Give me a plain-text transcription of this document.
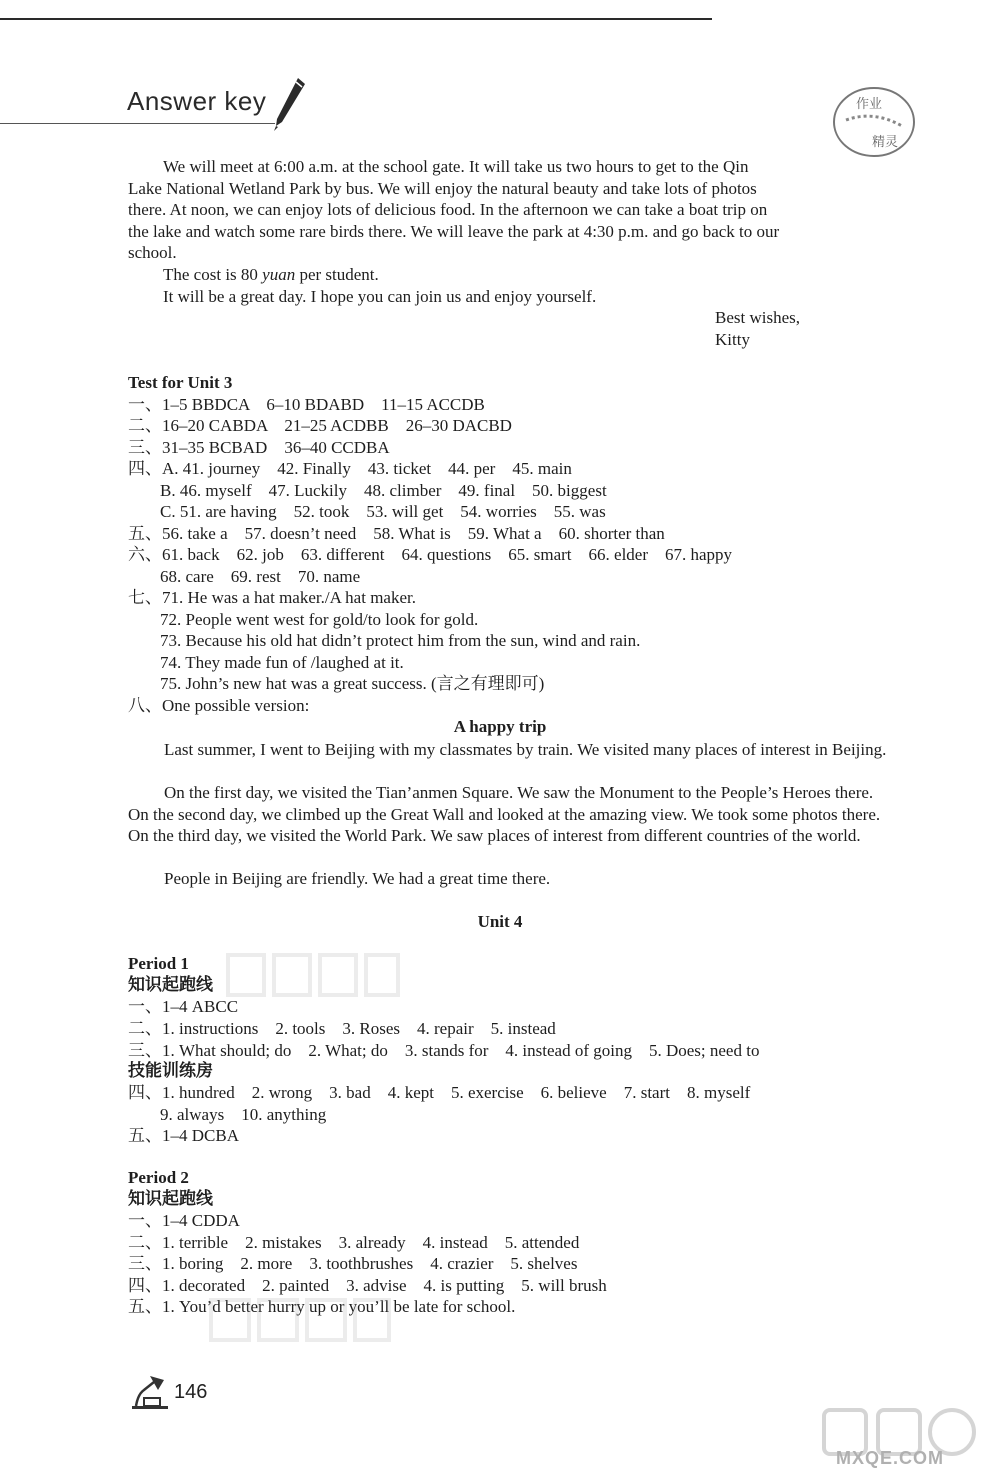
Answer key	作业
精灵
We will meet at 6:00 a.m. at the school gate. It will take us two hours to get to the Qin
Lake National Wetland Park by bus. We will enjoy the natural beauty and take lots of photos
there. At noon, we can enjoy lots of delicious food. In the afternoon we can take a boat trip on
the lake and watch some rare birds there. We will leave the park at 4:30 p.m. and go back to our
school.
The cost is 80 yuan per student.
It will be a great day. I hope you can join us and enjoy yourself.
Best wishes,
Kitty
Test for Unit 3
一、1–5 BBDCA    6–10 BDABD    11–15 ACCDB
二、16–20 CABDA    21–25 ACDBB    26–30 DACBD
三、31–35 BCBAD    36–40 CCDBA
四、A. 41. journey    42. Finally    43. ticket    44. per    45. main
B. 46. myself    47. Luckily    48. climber    49. final    50. biggest
C. 51. are having    52. took    53. will get    54. worries    55. was
五、56. take a    57. doesn’t need    58. What is    59. What a    60. shorter than
六、61. back    62. job    63. different    64. questions    65. smart    66. elder    67. happy
68. care    69. rest    70. name
七、71. He was a hat maker./A hat maker.
72. People went west for gold/to look for gold.
73. Because his old hat didn’t protect him from the sun, wind and rain.
74. They made fun of /laughed at it.
75. John’s new hat was a great success. (言之有理即可)
八、One possible version:
A happy trip
Last summer, I went to Beijing with my classmates by train. We visited many places of interest in Beijing.
On the first day, we visited the Tian’anmen Square. We saw the Monument to the People’s Heroes there. On the second day, we climbed up the Great Wall and looked at the amazing view. We took some photos there. On the third day, we visited the World Park. We saw places of interest from different countries of the world.
People in Beijing are friendly. We had a great time there.
Unit 4
Period 1
知识起跑线
一、1–4 ABCC
二、1. instructions    2. tools    3. Roses    4. repair    5. instead
三、1. What should; do    2. What; do    3. stands for    4. instead of going    5. Does; need to
技能训练房
四、1. hundred    2. wrong    3. bad    4. kept    5. exercise    6. believe    7. start    8. myself
9. always    10. anything
五、1–4 DCBA
Period 2
知识起跑线
一、1–4 CDDA
二、1. terrible    2. mistakes    3. already    4. instead    5. attended
三、1. boring    2. more    3. toothbrushes    4. crazier    5. shelves
四、1. decorated    2. painted    3. advise    4. is putting    5. will brush
五、1. You’d better hurry up or you’ll be late for school.
146
MXQE.COM
